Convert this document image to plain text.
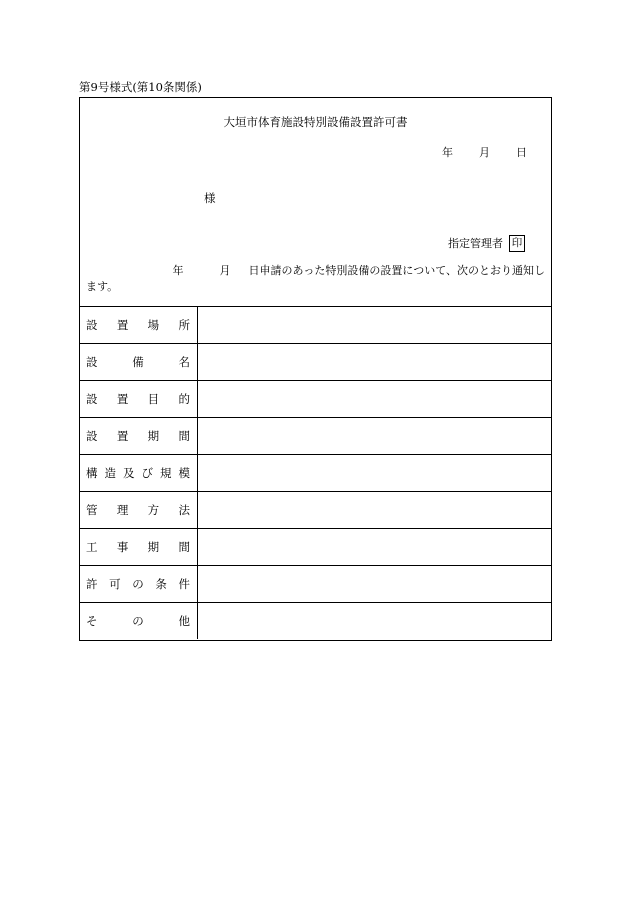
第9号様式(第10条関係)
大垣市体育施設特別設備設置許可書
年 月 日
様
指定管理者 印
年	月 日申請のあった特別設備の設置について、次のとおり通知し
ます。
設置場所
設備名
設置目的
設置期間
構造及び規模
管理方法
工事期間
許可の条件
その他
